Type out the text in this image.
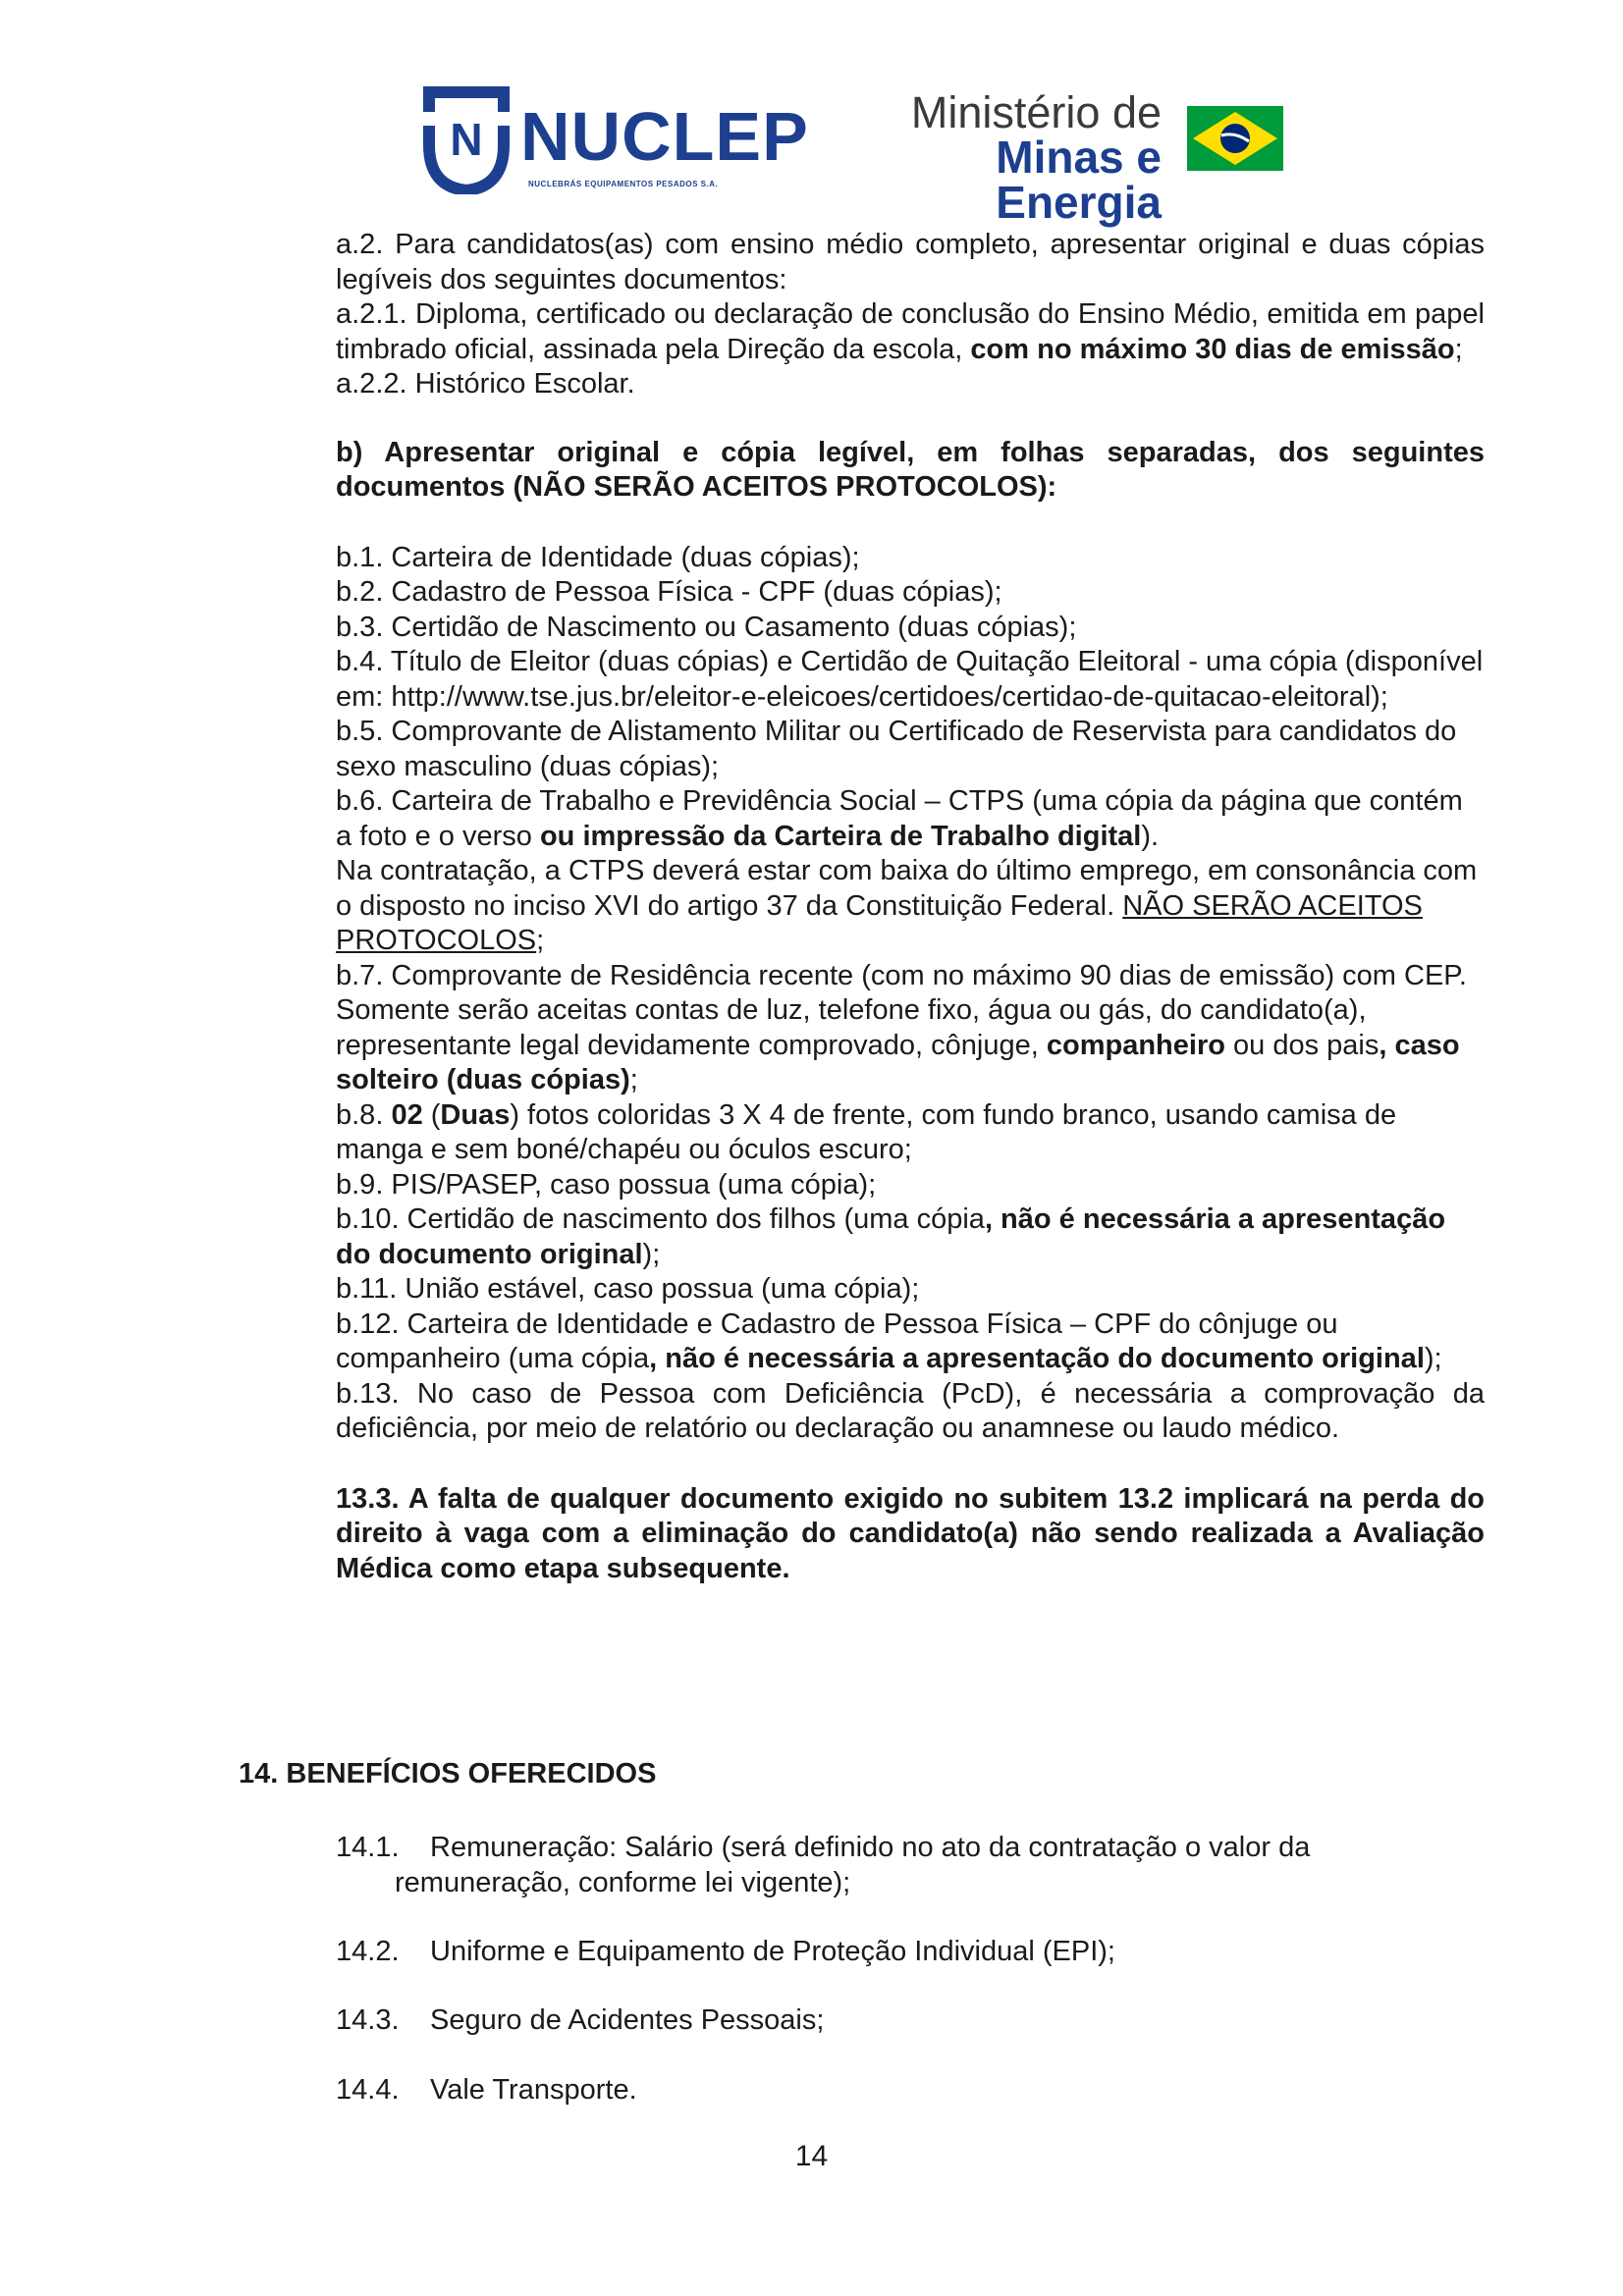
N NUCLEP
NUCLEBRÁS EQUIPAMENTOS PESADOS S.A.
Ministério de
Minas e Energia

a.2. Para candidatos(as) com ensino médio completo, apresentar original e duas cópias legíveis dos seguintes documentos:

a.2.1. Diploma, certificado ou declaração de conclusão do Ensino Médio, emitida em papel timbrado oficial, assinada pela Direção da escola, com no máximo 30 dias de emissão;

a.2.2. Histórico Escolar.

b) Apresentar original e cópia legível, em folhas separadas, dos seguintes documentos (NÃO SERÃO ACEITOS PROTOCOLOS):

b.1. Carteira de Identidade (duas cópias);

b.2. Cadastro de Pessoa Física - CPF (duas cópias);

b.3. Certidão de Nascimento ou Casamento (duas cópias);

b.4. Título de Eleitor (duas cópias) e Certidão de Quitação Eleitoral - uma cópia (disponível em: http://www.tse.jus.br/eleitor-e-eleicoes/certidoes/certidao-de-quitacao-eleitoral);

b.5. Comprovante de Alistamento Militar ou Certificado de Reservista para candidatos do sexo masculino (duas cópias);

b.6. Carteira de Trabalho e Previdência Social – CTPS (uma cópia da página que contém a foto e o verso ou impressão da Carteira de Trabalho digital).

Na contratação, a CTPS deverá estar com baixa do último emprego, em consonância com o disposto no inciso XVI do artigo 37 da Constituição Federal. NÃO SERÃO ACEITOS PROTOCOLOS;

b.7. Comprovante de Residência recente (com no máximo 90 dias de emissão) com CEP. Somente serão aceitas contas de luz, telefone fixo, água ou gás, do candidato(a), representante legal devidamente comprovado, cônjuge, companheiro ou dos pais, caso solteiro (duas cópias);

b.8. 02 (Duas) fotos coloridas 3 X 4 de frente, com fundo branco, usando camisa de manga e sem boné/chapéu ou óculos escuro;

b.9. PIS/PASEP, caso possua (uma cópia);

b.10. Certidão de nascimento dos filhos (uma cópia, não é necessária a apresentação do documento original);

b.11. União estável, caso possua (uma cópia);

b.12. Carteira de Identidade e Cadastro de Pessoa Física – CPF do cônjuge ou companheiro (uma cópia, não é necessária a apresentação do documento original);

b.13. No caso de Pessoa com Deficiência (PcD), é necessária a comprovação da deficiência, por meio de relatório ou declaração ou anamnese ou laudo médico.

13.3. A falta de qualquer documento exigido no subitem 13.2 implicará na perda do direito à vaga com a eliminação do candidato(a) não sendo realizada a Avaliação Médica como etapa subsequente.

14. BENEFÍCIOS OFERECIDOS
14.1. Remuneração: Salário (será definido no ato da contratação o valor da
remuneração, conforme lei vigente);
14.2. Uniforme e Equipamento de Proteção Individual (EPI);
14.3. Seguro de Acidentes Pessoais;
14.4. Vale Transporte.
14
